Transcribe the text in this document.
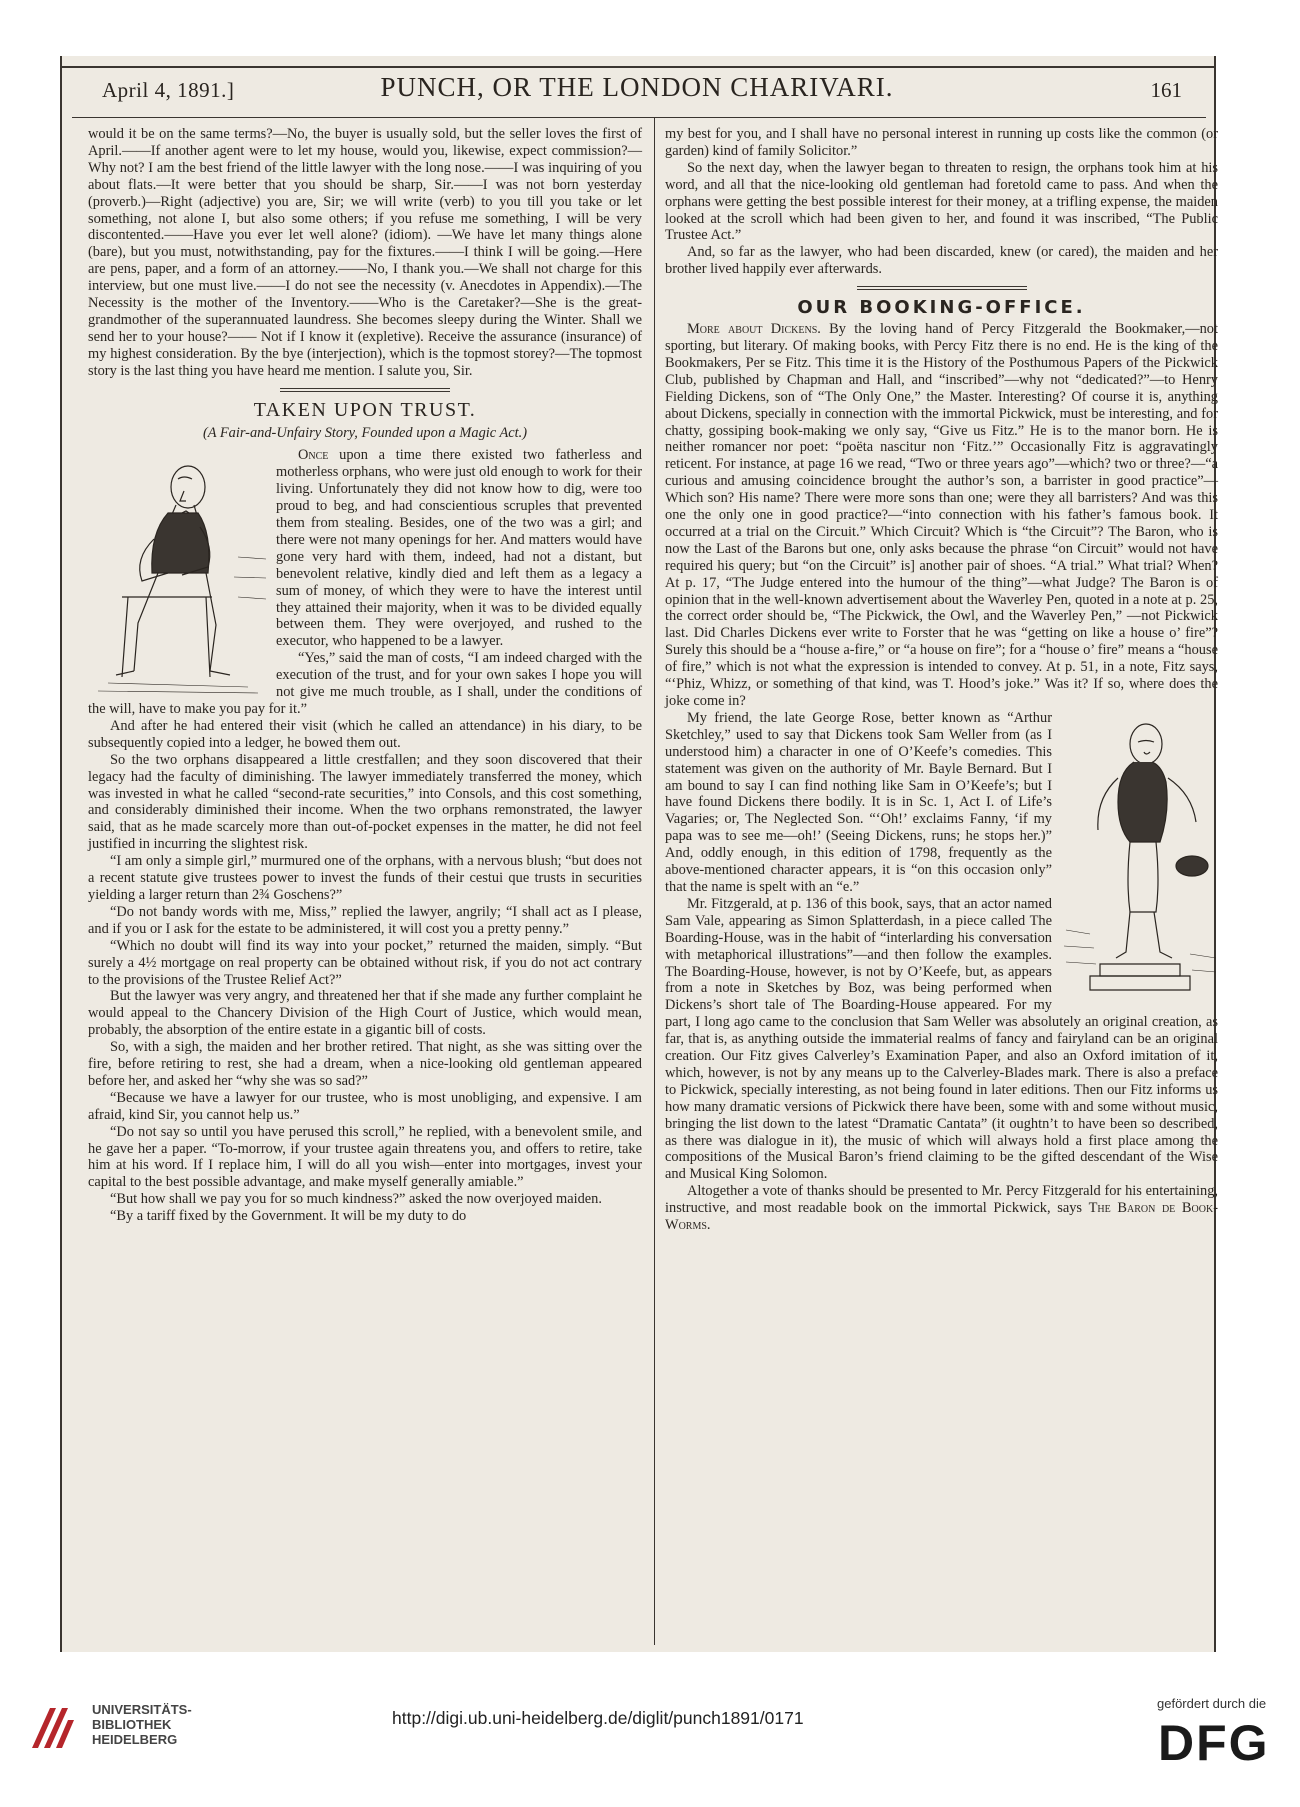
April 4, 1891.]	PUNCH, OR THE LONDON CHARIVARI.	161

would it be on the same terms?—No, the buyer is usually sold, but the seller loves the first of April.——If another agent were to let my house, would you, likewise, expect commission?—Why not? I am the best friend of the little lawyer with the long nose.——I was inquiring of you about flats.—It were better that you should be sharp, Sir.——I was not born yesterday (proverb.)—Right (adjective) you are, Sir; we will write (verb) to you till you take or let something, not alone I, but also some others; if you refuse me something, I will be very discontented.——Have you ever let well alone? (idiom). —We have let many things alone (bare), but you must, notwithstanding, pay for the fixtures.——I think I will be going.—Here are pens, paper, and a form of an attorney.——No, I thank you.—We shall not charge for this interview, but one must live.——I do not see the necessity (v. Anecdotes in Appendix).—The Necessity is the mother of the Inventory.——Who is the Caretaker?—She is the great-grandmother of the superannuated laundress. She becomes sleepy during the Winter. Shall we send her to your house?—— Not if I know it (expletive). Receive the assurance (insurance) of my highest consideration. By the bye (interjection), which is the topmost storey?—The topmost story is the last thing you have heard me mention. I salute you, Sir.

TAKEN UPON TRUST.
(A Fair-and-Unfairy Story, Founded upon a Magic Act.)

Once upon a time there existed two fatherless and motherless orphans, who were just old enough to work for their living. Unfortunately they did not know how to dig, were too proud to beg, and had conscientious scruples that prevented them from stealing. Besides, one of the two was a girl; and there were not many openings for her. And matters would have gone very hard with them, indeed, had not a distant, but benevolent relative, kindly died and left them as a legacy a sum of money, of which they were to have the interest until they attained their majority, when it was to be divided equally between them. They were overjoyed, and rushed to the executor, who happened to be a lawyer.

“Yes,” said the man of costs, “I am indeed charged with the execution of the trust, and for your own sakes I hope you will not give me much trouble, as I shall, under the conditions of the will, have to make you pay for it.”

And after he had entered their visit (which he called an attendance) in his diary, to be subsequently copied into a ledger, he bowed them out.

So the two orphans disappeared a little crestfallen; and they soon discovered that their legacy had the faculty of diminishing. The lawyer immediately transferred the money, which was invested in what he called “second-rate securities,” into Consols, and this cost something, and considerably diminished their income. When the two orphans remonstrated, the lawyer said, that as he made scarcely more than out-of-pocket expenses in the matter, he did not feel justified in incurring the slightest risk.

“I am only a simple girl,” murmured one of the orphans, with a nervous blush; “but does not a recent statute give trustees power to invest the funds of their cestui que trusts in securities yielding a larger return than 2¾ Goschens?”

“Do not bandy words with me, Miss,” replied the lawyer, angrily; “I shall act as I please, and if you or I ask for the estate to be administered, it will cost you a pretty penny.”

“Which no doubt will find its way into your pocket,” returned the maiden, simply. “But surely a 4½ mortgage on real property can be obtained without risk, if you do not act contrary to the provisions of the Trustee Relief Act?”

But the lawyer was very angry, and threatened her that if she made any further complaint he would appeal to the Chancery Division of the High Court of Justice, which would mean, probably, the absorption of the entire estate in a gigantic bill of costs.

So, with a sigh, the maiden and her brother retired. That night, as she was sitting over the fire, before retiring to rest, she had a dream, when a nice-looking old gentleman appeared before her, and asked her “why she was so sad?”

“Because we have a lawyer for our trustee, who is most unobliging, and expensive. I am afraid, kind Sir, you cannot help us.”

“Do not say so until you have perused this scroll,” he replied, with a benevolent smile, and he gave her a paper. “To-morrow, if your trustee again threatens you, and offers to retire, take him at his word. If I replace him, I will do all you wish—enter into mortgages, invest your capital to the best possible advantage, and make myself generally amiable.”

“But how shall we pay you for so much kindness?” asked the now overjoyed maiden.

“By a tariff fixed by the Government. It will be my duty to do

my best for you, and I shall have no personal interest in running up costs like the common (or garden) kind of family Solicitor.”

So the next day, when the lawyer began to threaten to resign, the orphans took him at his word, and all that the nice-looking old gentleman had foretold came to pass. And when the orphans were getting the best possible interest for their money, at a trifling expense, the maiden looked at the scroll which had been given to her, and found it was inscribed, “The Public Trustee Act.”

And, so far as the lawyer, who had been discarded, knew (or cared), the maiden and her brother lived happily ever afterwards.

OUR BOOKING-OFFICE.

More about Dickens. By the loving hand of Percy Fitzgerald the Bookmaker,—not sporting, but literary. Of making books, with Percy Fitz there is no end. He is the king of the Bookmakers, Per se Fitz. This time it is the History of the Posthumous Papers of the Pickwick Club, published by Chapman and Hall, and “inscribed”—why not “dedicated?”—to Henry Fielding Dickens, son of “The Only One,” the Master. Interesting? Of course it is, anything about Dickens, specially in connection with the immortal Pickwick, must be interesting, and for chatty, gossiping book-making we only say, “Give us Fitz.” He is to the manor born. He is neither romancer nor poet: “poëta nascitur non ‘Fitz.’” Occasionally Fitz is aggravatingly reticent. For instance, at page 16 we read, “Two or three years ago”—which? two or three?—“a curious and amusing coincidence brought the author’s son, a barrister in good practice”—Which son? His name? There were more sons than one; were they all barristers? And was this one the only one in good practice?—“into connection with his father’s famous book. It occurred at a trial on the Circuit.” Which Circuit? Which is “the Circuit”? The Baron, who is now the Last of the Barons but one, only asks because the phrase “on Circuit” would not have required his query; but “on the Circuit” is] another pair of shoes. “A trial.” What trial? When? At p. 17, “The Judge entered into the humour of the thing”—what Judge? The Baron is of opinion that in the well-known advertisement about the Waverley Pen, quoted in a note at p. 25, the correct order should be, “The Pickwick, the Owl, and the Waverley Pen,” —not Pickwick last. Did Charles Dickens ever write to Forster that he was “getting on like a house o’ fire”? Surely this should be a “house a-fire,” or “a house on fire”; for a “house o’ fire” means a “house of fire,” which is not what the expression is intended to convey. At p. 51, in a note, Fitz says, “‘Phiz, Whizz, or something of that kind, was T. Hood’s joke.” Was it? If so, where does the joke come in?

My friend, the late George Rose, better known as “Arthur Sketchley,” used to say that Dickens took Sam Weller from (as I understood him) a character in one of O’Keefe’s comedies. This statement was given on the authority of Mr. Bayle Bernard. But I am bound to say I can find nothing like Sam in O’Keefe’s; but I have found Dickens there bodily. It is in Sc. 1, Act I. of Life’s Vagaries; or, The Neglected Son. “‘Oh!’ exclaims Fanny, ‘if my papa was to see me—oh!’ (Seeing Dickens, runs; he stops her.)” And, oddly enough, in this edition of 1798, frequently as the above-mentioned character appears, it is “on this occasion only” that the name is spelt with an “e.”

Mr. Fitzgerald, at p. 136 of this book, says, that an actor named Sam Vale, appearing as Simon Splatterdash, in a piece called The Boarding-House, was in the habit of “interlarding his conversation with metaphorical illustrations”—and then follow the examples. The Boarding-House, however, is not by O’Keefe, but, as appears from a note in Sketches by Boz, was being performed when Dickens’s short tale of The Boarding-House appeared. For my part, I long ago came to the conclusion that Sam Weller was absolutely an original creation, as far, that is, as anything outside the immaterial realms of fancy and fairyland can be an original creation. Our Fitz gives Calverley’s Examination Paper, and also an Oxford imitation of it, which, however, is not by any means up to the Calverley-Blades mark. There is also a preface to Pickwick, specially interesting, as not being found in later editions. Then our Fitz informs us how many dramatic versions of Pickwick there have been, some with and some without music, bringing the list down to the latest “Dramatic Cantata” (it oughtn’t to have been so described, as there was dialogue in it), the music of which will always hold a first place among the compositions of the Musical Baron’s friend claiming to be the gifted descendant of the Wise and Musical King Solomon.

Altogether a vote of thanks should be presented to Mr. Percy Fitzgerald for his entertaining, instructive, and most readable book on the immortal Pickwick, says The Baron de Book-Worms.

UNIVERSITÄTS-
BIBLIOTHEK
HEIDELBERG
http://digi.ub.uni-heidelberg.de/diglit/punch1891/0171
gefördert durch die
DFG
